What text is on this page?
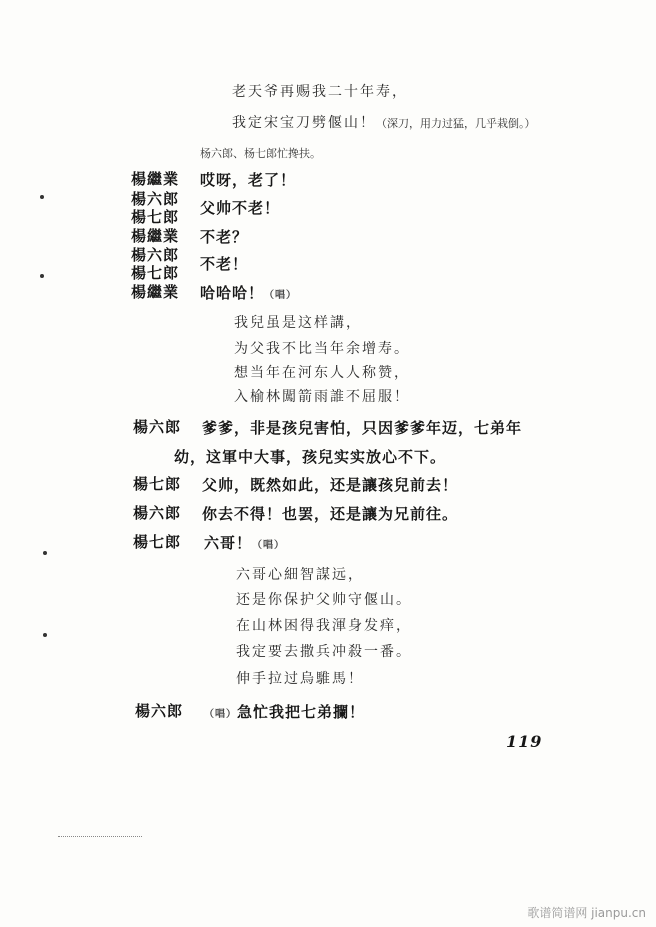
老天爷再赐我二十年寿，
我定宋宝刀劈偃山！（深刀，用力过猛，几乎栽倒。）
杨六郎、杨七郎忙搀扶。
楊繼業 哎呀，老了！
楊六郎
楊七郎	父帅不老！
楊繼業 不老？
楊六郎
楊七郎	不老！
楊繼業 哈哈哈！（唱）
我兒虽是这样講，
为父我不比当年余增寿。
想当年在河东人人称赞，
入榆林闖箭雨誰不屈服！
楊六郎 爹爹，非是孩兒害怕，只因爹爹年迈，七弟年
幼，这軍中大事，孩兒实实放心不下。
楊七郎 父帅，既然如此，还是讓孩兒前去！
楊六郎 你去不得！也罢，还是讓为兄前往。
楊七郎 六哥！（唱）
六哥心細智謀远，
还是你保护父帅守偃山。
在山林困得我渾身发痒，
我定要去撒兵冲殺一番。
伸手拉过烏騅馬！
楊六郎 （唱）急忙我把七弟攔！
119
歌谱简谱网 jianpu.cn
